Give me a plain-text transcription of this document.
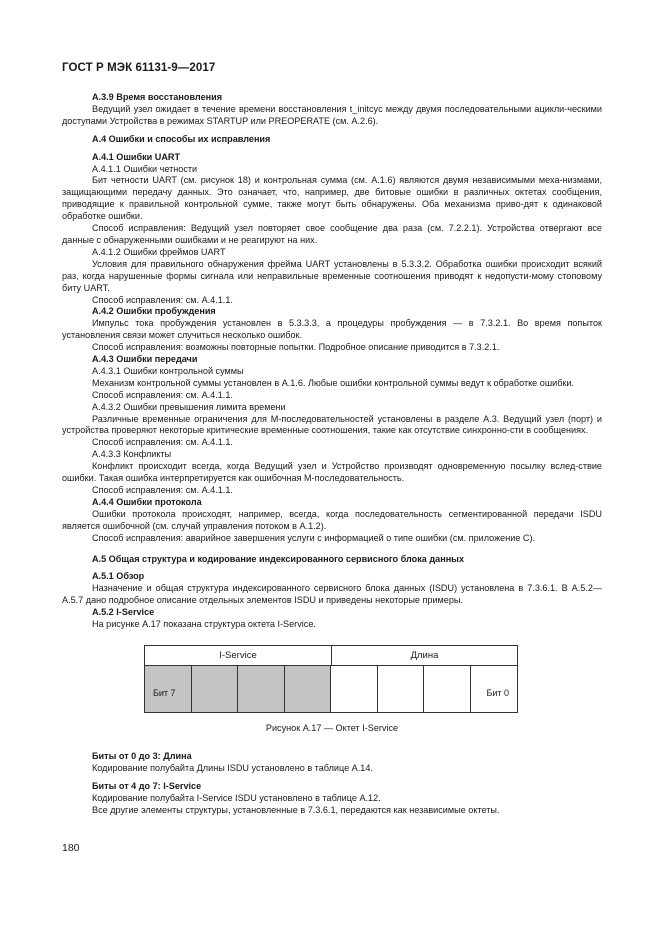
ГОСТ Р МЭК 61131-9—2017

A.3.9 Время восстановления

Ведущий узел ожидает в течение времени восстановления t_initcyc между двумя последовательными ацикли-ческими доступами Устройства в режимах STARTUP или PREOPERATE (см. А.2.6).

А.4 Ошибки и способы их исправления

А.4.1 Ошибки UART

А.4.1.1 Ошибки четности

Бит четности UART (см. рисунок 18) и контрольная сумма (см. А.1.6) являются двумя независимыми меха-низмами, защищающими передачу данных. Это означает, что, например, две битовые ошибки в различных октетах сообщения, приводящие к правильной контрольной сумме, также могут быть обнаружены. Оба механизма приво-дят к одинаковой обработке ошибки.

Способ исправления: Ведущий узел повторяет свое сообщение два раза (см. 7.2.2.1). Устройства отвергают все данные с обнаруженными ошибками и не реагируют на них.

А.4.1.2 Ошибки фреймов UART

Условия для правильного обнаружения фрейма UART установлены в 5.3.3.2. Обработка ошибки происходит всякий раз, когда нарушенные формы сигнала или неправильные временные соотношения приводят к недопусти-мому стоповому биту UART.

Способ исправления: см. А.4.1.1.

А.4.2 Ошибки пробуждения

Импульс тока пробуждения установлен в 5.3.3.3, а процедуры пробуждения — в 7.3.2.1. Во время попыток установления связи может случиться несколько ошибок.

Способ исправления: возможны повторные попытки. Подробное описание приводится в 7.3.2.1.

А.4.3 Ошибки передачи

А.4.3.1 Ошибки контрольной суммы

Механизм контрольной суммы установлен в А.1.6. Любые ошибки контрольной суммы ведут к обработке ошибки.

Способ исправления: см. А.4.1.1.

А.4.3.2 Ошибки превышения лимита времени

Различные временные ограничения для М-последовательностей установлены в разделе А.3. Ведущий узел (порт) и устройства проверяют некоторые критические временные соотношения, такие как отсутствие синхронно-сти в сообщениях.

Способ исправления: см. А.4.1.1.

А.4.3.3 Конфликты

Конфликт происходит всегда, когда Ведущий узел и Устройство производят одновременную посылку вслед-ствие ошибки. Такая ошибка интерпретируется как ошибочная М-последовательность.

Способ исправления: см. А.4.1.1.

А.4.4 Ошибки протокола

Ошибки протокола происходят, например, всегда, когда последовательность сегментированной передачи ISDU является ошибочной (см. случай управления потоком в А.1.2).

Способ исправления: аварийное завершения услуги с информацией о типе ошибки (см. приложение С).

А.5 Общая структура и кодирование индексированного сервисного блока данных

А.5.1 Обзор

Назначение и общая структура индексированного сервисного блока данных (ISDU) установлена в 7.3.6.1. В А.5.2—А.5.7 дано подробное описание отдельных элементов ISDU и приведены некоторые примеры.

А.5.2 I-Service

На рисунке А.17 показана структура октета I-Service.

I-Service	Длина
Бит 7	Бит 0
Рисунок А.17 — Октет I-Service

Биты от 0 до 3: Длина

Кодирование полубайта Длины ISDU установлено в таблице А.14.

Биты от 4 до 7: I-Service

Кодирование полубайта I-Service ISDU установлено в таблице А.12.

Все другие элементы структуры, установленные в 7.3.6.1, передаются как независимые октеты.

180
